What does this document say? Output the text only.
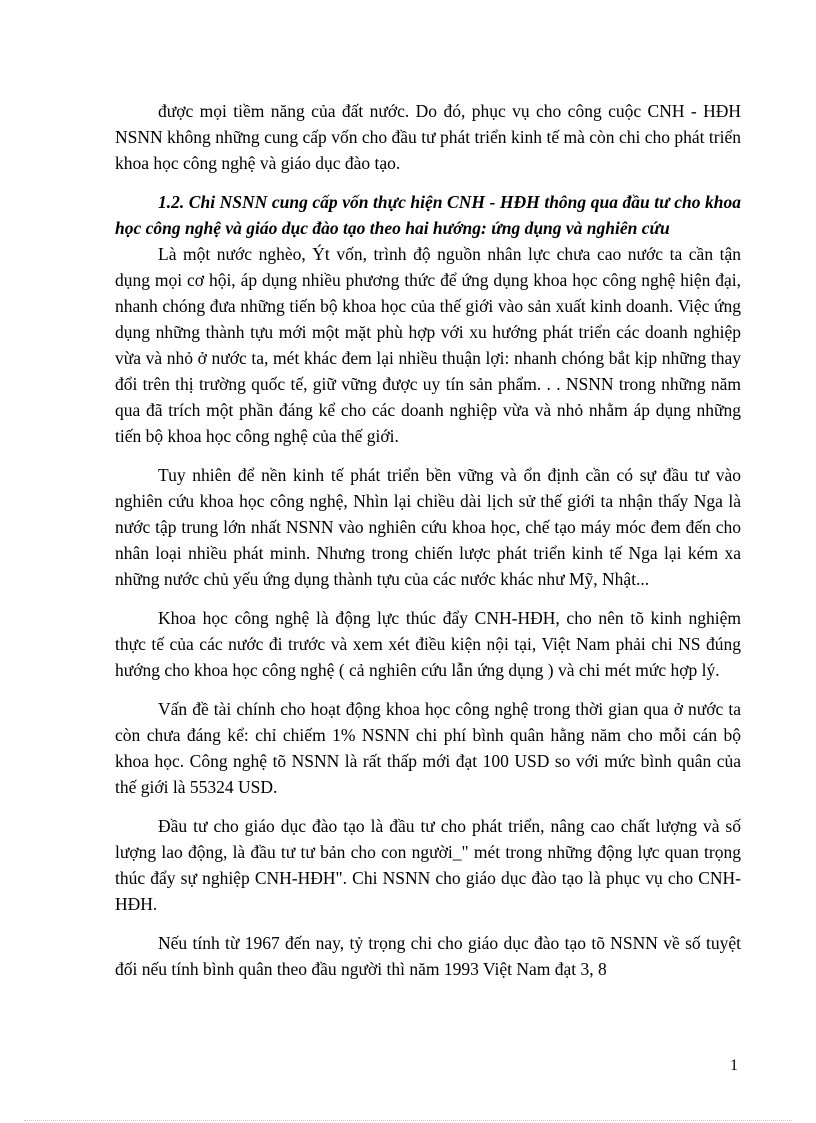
được mọi tiềm năng của đất nước. Do đó, phục vụ cho công cuộc CNH - HĐH NSNN không những cung cấp vốn cho đầu tư phát triển kinh tế mà còn chi cho phát triển khoa học công nghệ và giáo dục đào tạo.

1.2. Chi NSNN cung cấp vốn thực hiện CNH - HĐH thông qua đầu tư cho khoa học công nghệ và giáo dục đào tạo theo hai hướng: ứng dụng và nghiên cứu

Là một nước nghèo, Ýt vốn, trình độ nguồn nhân lực chưa cao nước ta cần tận dụng mọi cơ hội, áp dụng nhiều phương thức để ứng dụng khoa học công nghệ hiện đại, nhanh chóng đưa những tiến bộ khoa học của thế giới vào sản xuất kinh doanh. Việc ứng dụng những thành tựu mới một mặt phù hợp với xu hướng phát triển các doanh nghiệp vừa và nhỏ ở nước ta, mét khác đem lại nhiều thuận lợi: nhanh chóng bắt kịp những thay đổi trên thị trường quốc tế, giữ vững được uy tín sản phẩm. . . NSNN trong những năm qua đã trích một phần đáng kể cho các doanh nghiệp vừa và nhỏ nhằm áp dụng những tiến bộ khoa học công nghệ của thế giới.

Tuy nhiên để nền kinh tế phát triển bền vững và ổn định cần có sự đầu tư vào nghiên cứu khoa học công nghệ, Nhìn lại chiều dài lịch sử thế giới ta nhận thấy Nga là nước tập trung lớn nhất NSNN vào nghiên cứu khoa học, chế tạo máy móc đem đến cho nhân loại nhiều phát minh. Nhưng trong chiến lược phát triển kinh tế Nga lại kém xa những nước chủ yếu ứng dụng thành tựu của các nước khác như Mỹ, Nhật...

Khoa học công nghệ là động lực thúc đẩy CNH-HĐH, cho nên tõ kinh nghiệm thực tế của các nước đi trước và xem xét điều kiện nội tại, Việt Nam phải chi NS đúng hướng cho khoa học công nghệ ( cả nghiên cứu lẫn ứng dụng ) và chi mét mức hợp lý.

Vấn đề tài chính cho hoạt động khoa học công nghệ trong thời gian qua ở nước ta còn chưa đáng kể: chỉ chiếm 1% NSNN chi phí bình quân hằng năm cho mỗi cán bộ khoa học. Công nghệ tõ NSNN là rất thấp mới đạt 100 USD so với mức bình quân của thế giới là 55324 USD.

Đầu tư cho giáo dục đào tạo là đầu tư cho phát triển, nâng cao chất lượng và số lượng lao động, là đầu tư tư bản cho con người_" mét trong những động lực quan trọng thúc đẩy sự nghiệp CNH-HĐH". Chi NSNN cho giáo dục đào tạo là phục vụ cho CNH-HĐH.

Nếu tính từ 1967 đến nay, tỷ trọng chi cho giáo dục đào tạo tõ NSNN về số tuyệt đối nếu tính bình quân theo đầu người thì năm 1993 Việt Nam đạt 3, 8

1
